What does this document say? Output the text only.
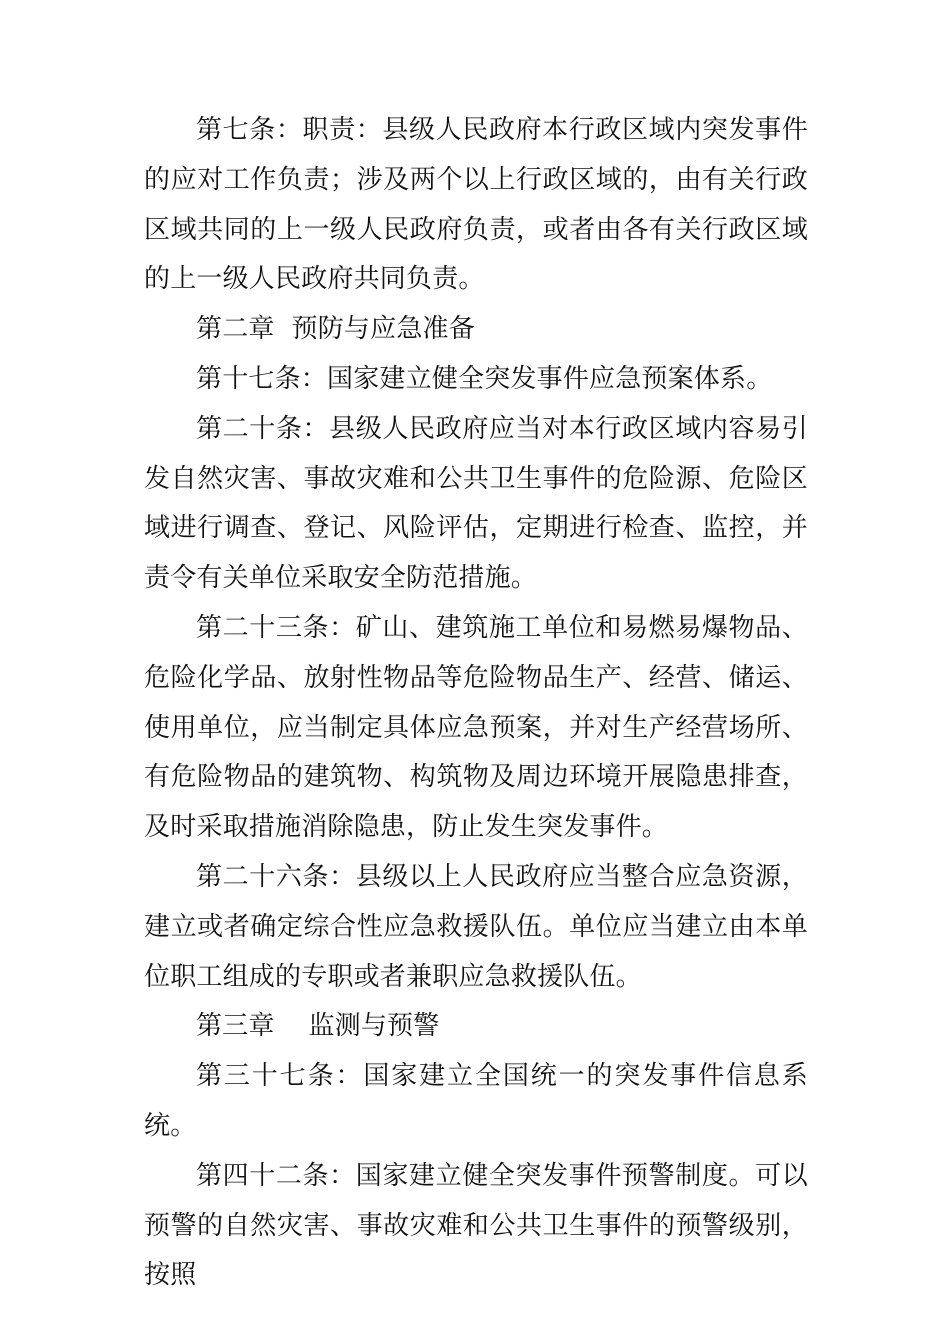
第七条：职责：县级人民政府本行政区域内突发事件的应对工作负责；涉及两个以上行政区域的，由有关行政区域共同的上一级人民政府负责，或者由各有关行政区域的上一级人民政府共同负责。

第二章  预防与应急准备

第十七条：国家建立健全突发事件应急预案体系。

第二十条：县级人民政府应当对本行政区域内容易引发自然灾害、事故灾难和公共卫生事件的危险源、危险区域进行调查、登记、风险评估，定期进行检查、监控，并责令有关单位采取安全防范措施。

第二十三条：矿山、建筑施工单位和易燃易爆物品、危险化学品、放射性物品等危险物品生产、经营、储运、使用单位，应当制定具体应急预案，并对生产经营场所、有危险物品的建筑物、构筑物及周边环境开展隐患排查，及时采取措施消除隐患，防止发生突发事件。

第二十六条：县级以上人民政府应当整合应急资源，建立或者确定综合性应急救援队伍。单位应当建立由本单位职工组成的专职或者兼职应急救援队伍。

第三章    监测与预警

第三十七条：国家建立全国统一的突发事件信息系统。

第四十二条：国家建立健全突发事件预警制度。可以预警的自然灾害、事故灾难和公共卫生事件的预警级别，按照
